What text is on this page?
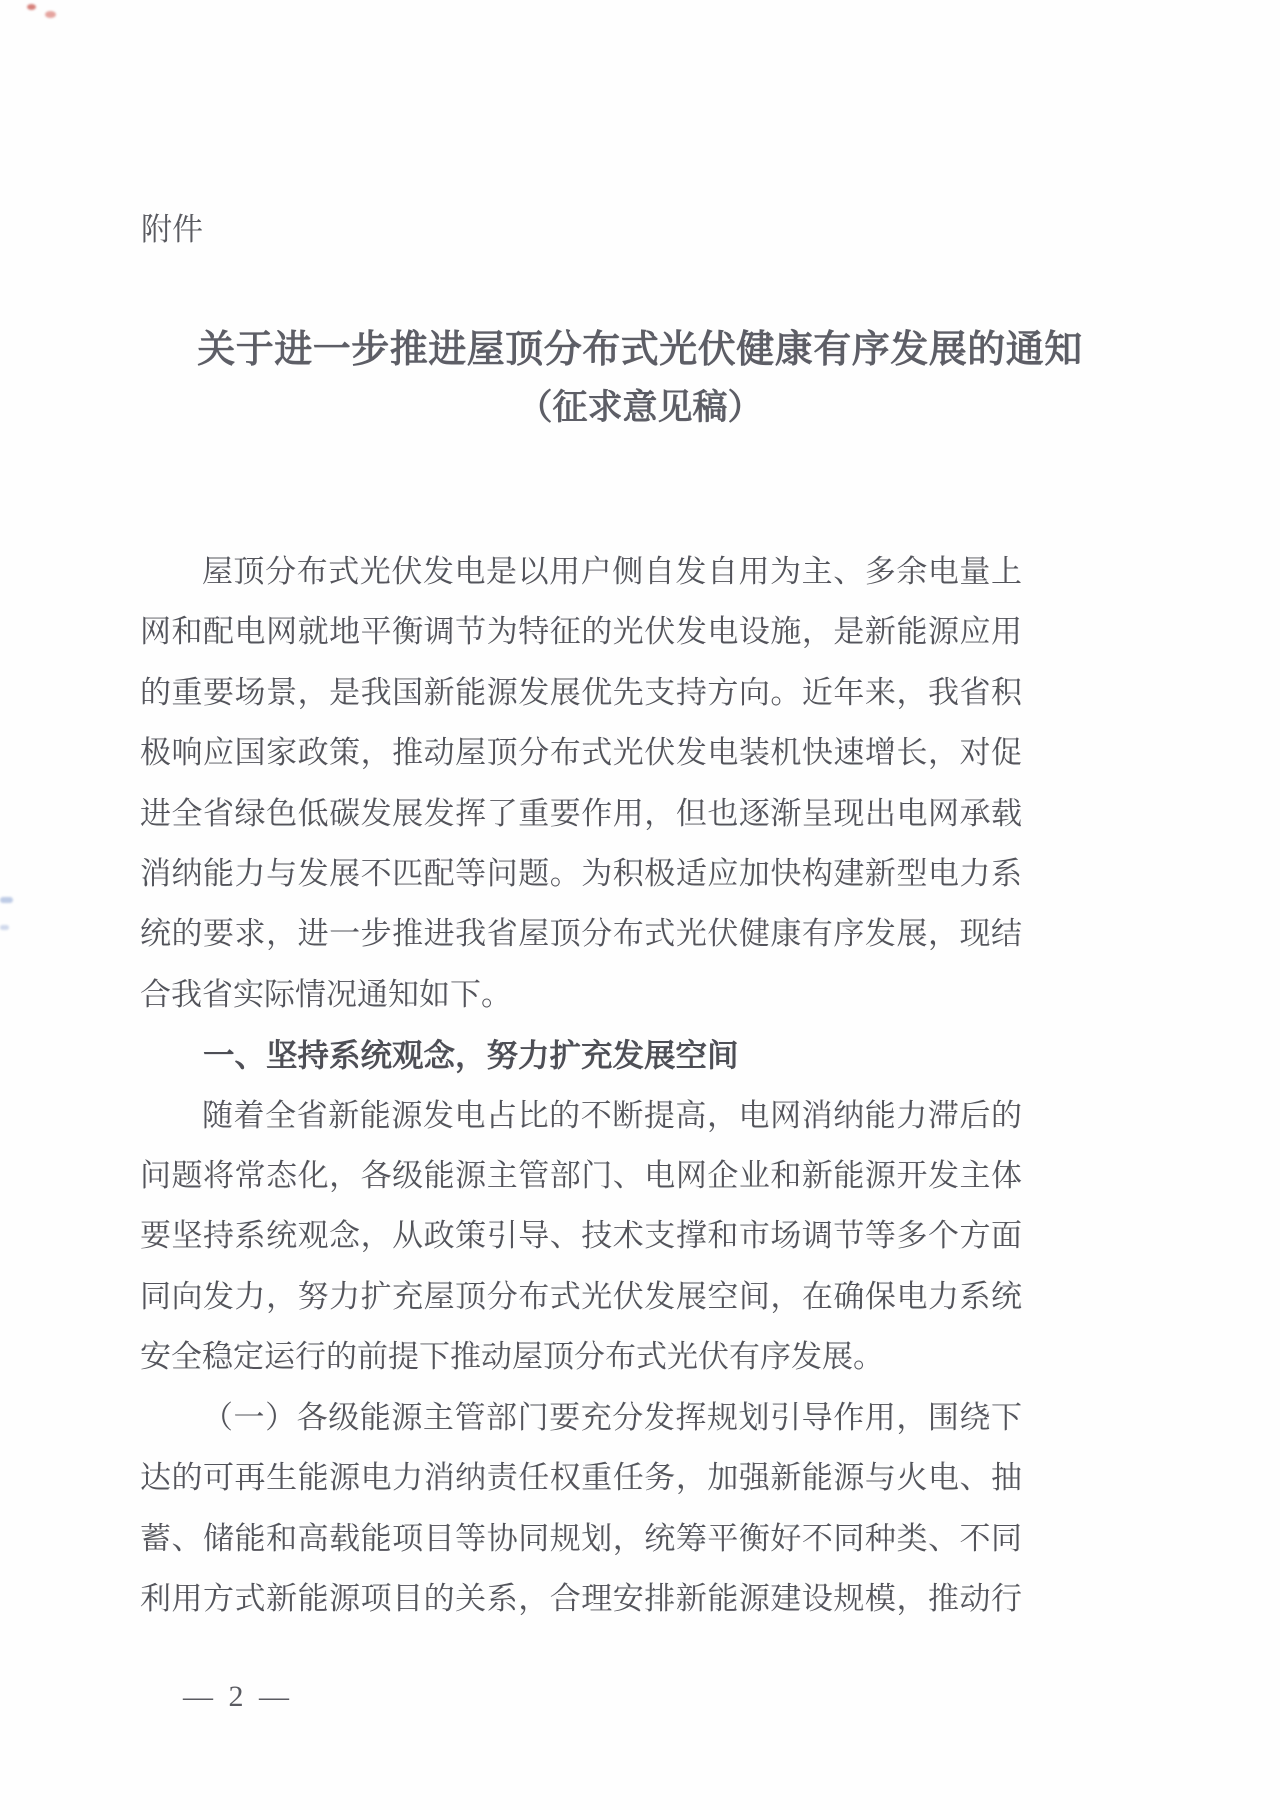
附件
关于进一步推进屋顶分布式光伏健康有序发展的通知
（征求意见稿）
屋顶分布式光伏发电是以用户侧自发自用为主、多余电量上
网和配电网就地平衡调节为特征的光伏发电设施，是新能源应用
的重要场景，是我国新能源发展优先支持方向。近年来，我省积
极响应国家政策，推动屋顶分布式光伏发电装机快速增长，对促
进全省绿色低碳发展发挥了重要作用，但也逐渐呈现出电网承载
消纳能力与发展不匹配等问题。为积极适应加快构建新型电力系
统的要求，进一步推进我省屋顶分布式光伏健康有序发展，现结
合我省实际情况通知如下。
一、坚持系统观念，努力扩充发展空间
随着全省新能源发电占比的不断提高，电网消纳能力滞后的
问题将常态化，各级能源主管部门、电网企业和新能源开发主体
要坚持系统观念，从政策引导、技术支撑和市场调节等多个方面
同向发力，努力扩充屋顶分布式光伏发展空间，在确保电力系统
安全稳定运行的前提下推动屋顶分布式光伏有序发展。
（一）各级能源主管部门要充分发挥规划引导作用，围绕下
达的可再生能源电力消纳责任权重任务，加强新能源与火电、抽
蓄、储能和高载能项目等协同规划，统筹平衡好不同种类、不同
利用方式新能源项目的关系，合理安排新能源建设规模，推动行
— 2 —
